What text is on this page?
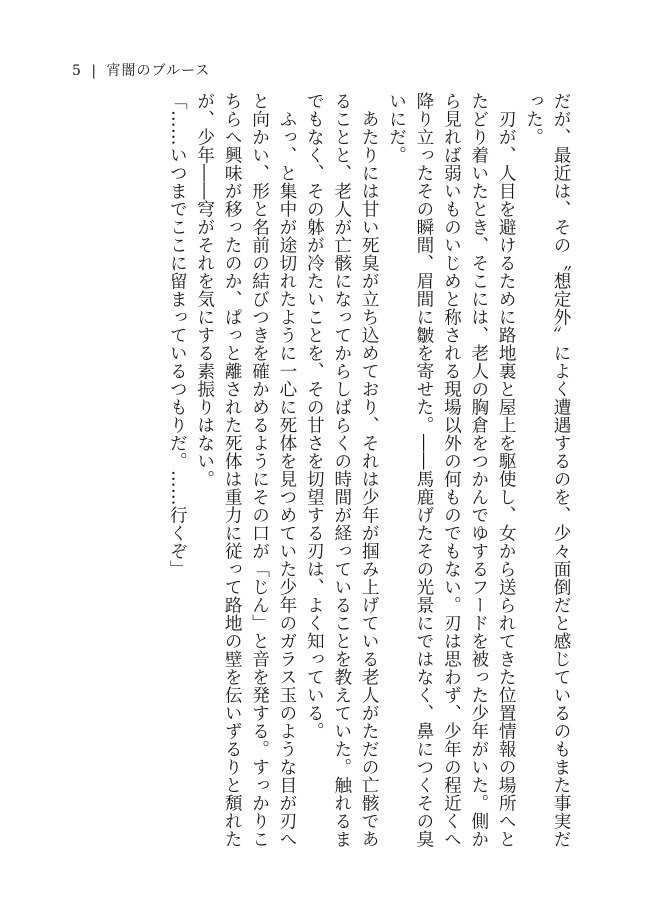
5 | 宵闇のブルース

だが、最近は、その〝想定外〟によく遭遇するのを、少々面倒だと感じているのもまた事実だ

った。

　刃が、人目を避けるために路地裏と屋上を駆使し、女から送られてきた位置情報の場所へと

たどり着いたとき、そこには、老人の胸倉をつかんでゆするフードを被った少年がいた。側か

ら見れば弱いものいじめと称される現場以外の何ものでもない。刃は思わず、少年の程近くへ

降り立ったその瞬間、眉間に皺を寄せた。――馬鹿げたその光景にではなく、鼻につくその臭

いにだ。

　あたりには甘い死臭が立ち込めており、それは少年が掴み上げている老人がただの亡骸であ

ることと、老人が亡骸になってからしばらくの時間が経っていることを教えていた。触れるま

でもなく、その躰が冷たいことを、その甘さを切望する刃は、よく知っている。

　ふっ、と集中が途切れたように一心に死体を見つめていた少年のガラス玉のような目が刃へ

と向かい、形と名前の結びつきを確かめるようにその口が「じん」と音を発する。すっかりこ

ちらへ興味が移ったのか、ぱっと離された死体は重力に従って路地の壁を伝いずるりと頽れた

が、少年――穹がそれを気にする素振りはない。

「……いつまでここに留まっているつもりだ。……行くぞ」
